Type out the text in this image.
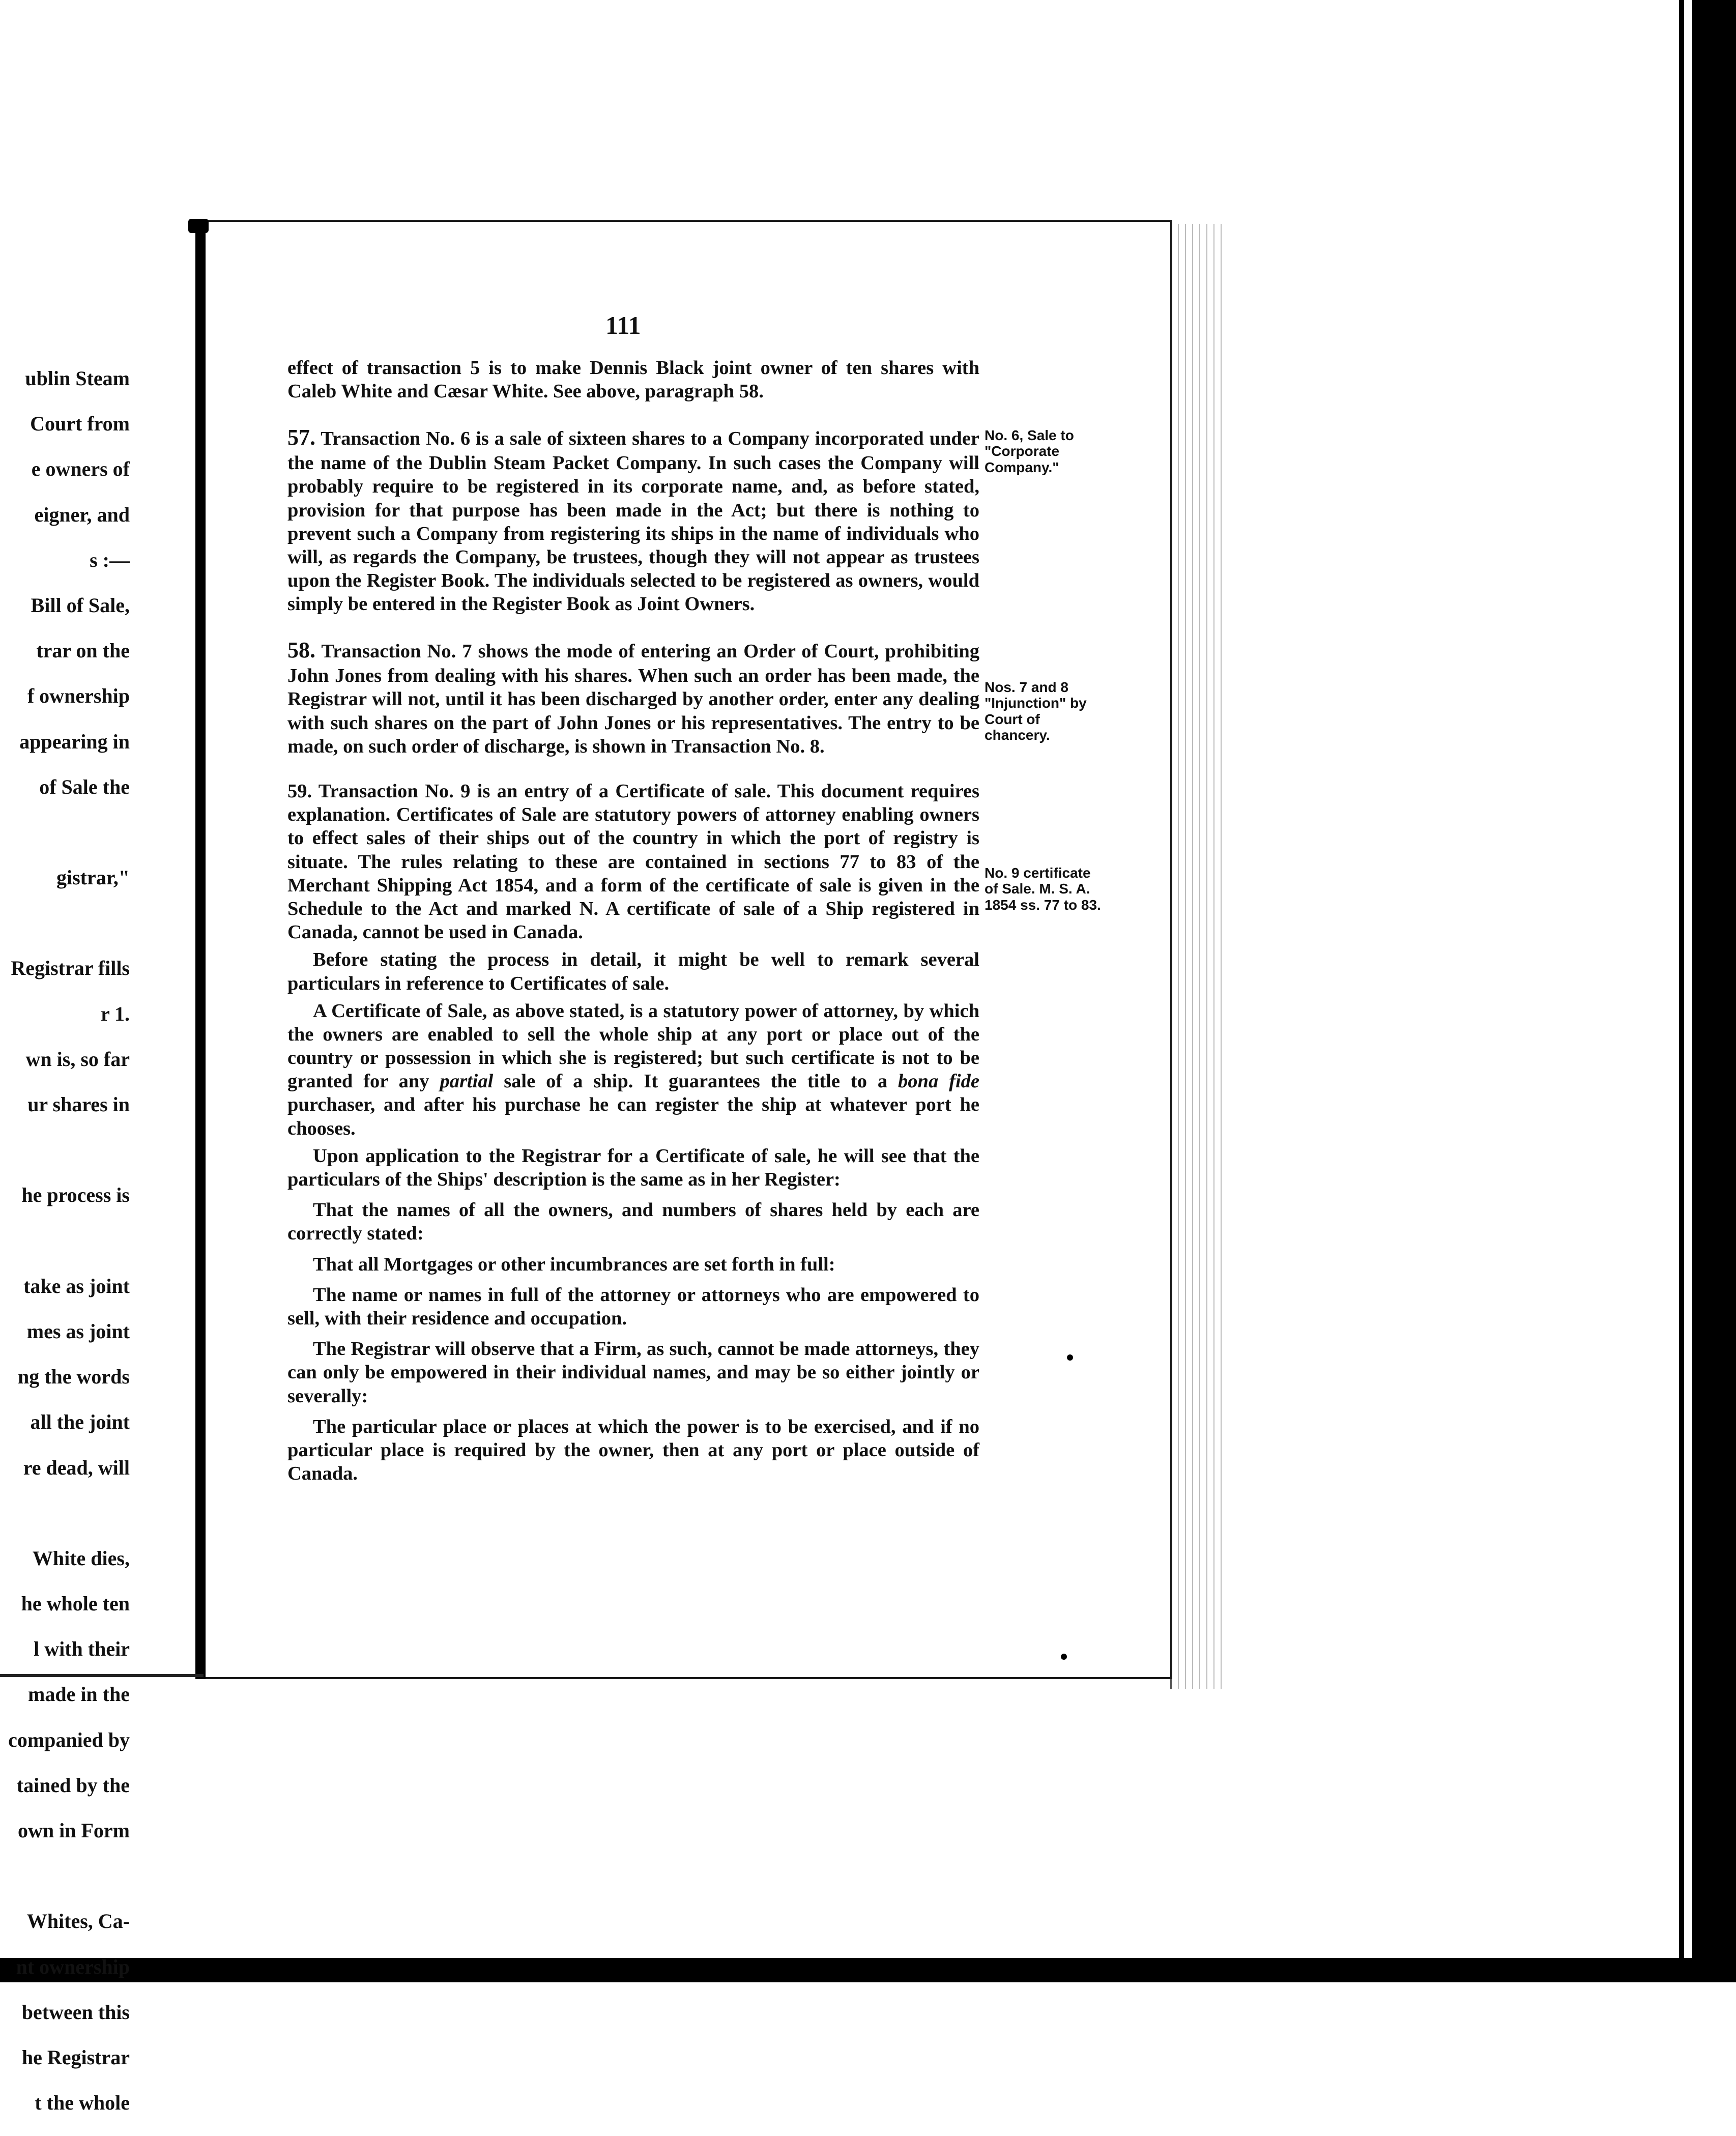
ublin Steam
Court from
e owners of
eigner, and
s :—
Bill of Sale,
trar on the
f ownership
appearing in
of Sale the

gistrar,"

Registrar fills
r 1.
wn is, so far
ur shares in

he process is

take as joint
mes as joint
ng the words
all the joint
re dead, will

White dies,
he whole ten
l with their
made in the
companied by
tained by the
own in Form

Whites, Ca-
nt ownership
between this
he Registrar
t the whole
111

effect of transaction 5 is to make Dennis Black joint owner of ten shares with Caleb White and Cæsar White. See above, paragraph 58.

57. Transaction No. 6 is a sale of sixteen shares to a Company incorporated under the name of the Dublin Steam Packet Company. In such cases the Company will probably require to be registered in its corporate name, and, as before stated, provision for that purpose has been made in the Act; but there is nothing to prevent such a Company from registering its ships in the name of individuals who will, as regards the Company, be trustees, though they will not appear as trustees upon the Register Book. The individuals selected to be registered as owners, would simply be entered in the Register Book as Joint Owners.

58. Transaction No. 7 shows the mode of entering an Order of Court, prohibiting John Jones from dealing with his shares. When such an order has been made, the Registrar will not, until it has been discharged by another order, enter any dealing with such shares on the part of John Jones or his representatives. The entry to be made, on such order of discharge, is shown in Transaction No. 8.

59. Transaction No. 9 is an entry of a Certificate of sale. This document requires explanation. Certificates of Sale are statutory powers of attorney enabling owners to effect sales of their ships out of the country in which the port of registry is situate. The rules relating to these are contained in sections 77 to 83 of the Merchant Shipping Act 1854, and a form of the certificate of sale is given in the Schedule to the Act and marked N. A certificate of sale of a Ship registered in Canada, cannot be used in Canada.

Before stating the process in detail, it might be well to remark several particulars in reference to Certificates of sale.

A Certificate of Sale, as above stated, is a statutory power of attorney, by which the owners are enabled to sell the whole ship at any port or place out of the country or possession in which she is registered; but such certificate is not to be granted for any partial sale of a ship. It guarantees the title to a bona fide purchaser, and after his purchase he can register the ship at whatever port he chooses.

Upon application to the Registrar for a Certificate of sale, he will see that the particulars of the Ships' description is the same as in her Register:

That the names of all the owners, and numbers of shares held by each are correctly stated:

That all Mortgages or other incumbrances are set forth in full:

The name or names in full of the attorney or attorneys who are empowered to sell, with their residence and occupation.

The Registrar will observe that a Firm, as such, cannot be made attorneys, they can only be empowered in their individual names, and may be so either jointly or severally:

The particular place or places at which the power is to be exercised, and if no particular place is required by the owner, then at any port or place outside of Canada.

No. 6, Sale to "Corporate Company."
Nos. 7 and 8 "Injunction" by Court of chancery.
No. 9 certificate of Sale. M. S. A. 1854 ss. 77 to 83.
